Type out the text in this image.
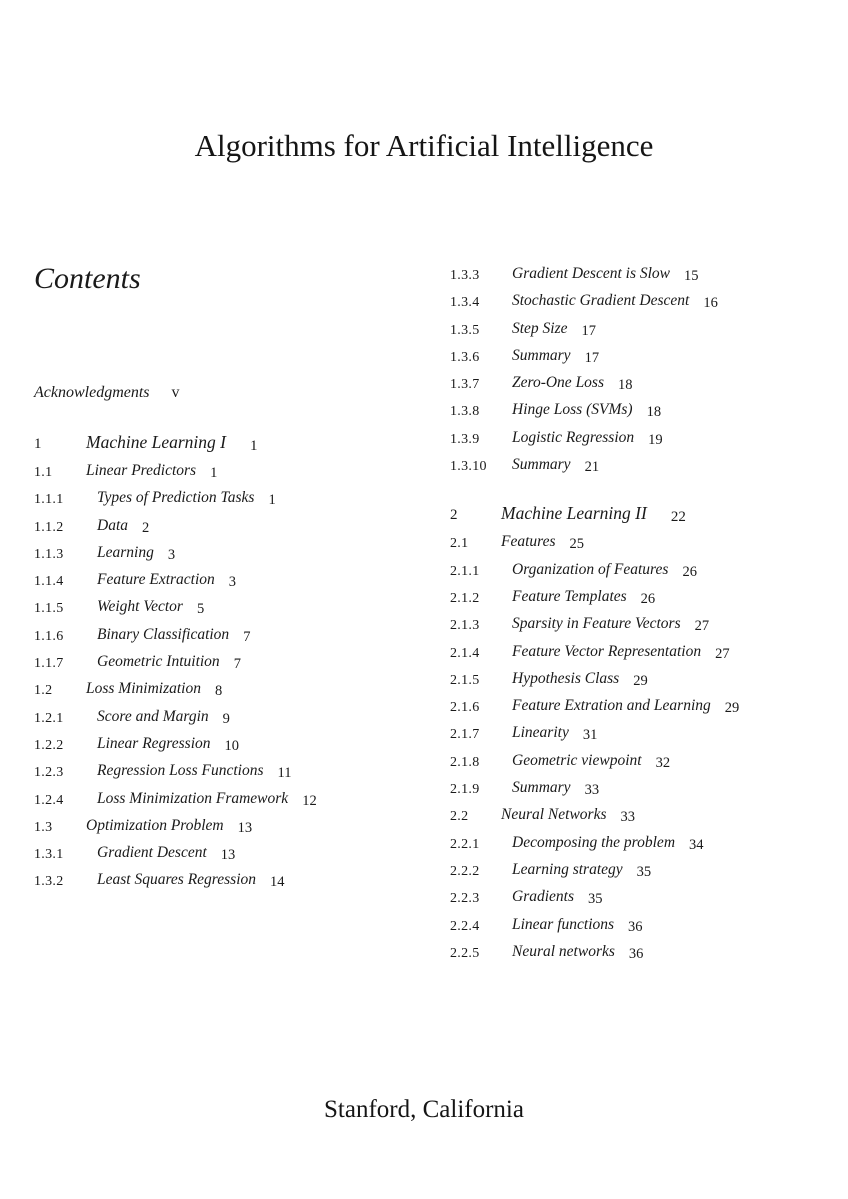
Algorithms for Artificial Intelligence
Contents
Acknowledgments v
1	Machine Learning I 1
1.1 Linear Predictors 1
1.1.1 Types of Prediction Tasks 1
1.1.2 Data 2
1.1.3 Learning 3
1.1.4 Feature Extraction 3
1.1.5 Weight Vector 5
1.1.6 Binary Classification 7
1.1.7 Geometric Intuition 7
1.2 Loss Minimization 8
1.2.1 Score and Margin 9
1.2.2 Linear Regression 10
1.2.3 Regression Loss Functions 11
1.2.4 Loss Minimization Framework 12
1.3 Optimization Problem 13
1.3.1 Gradient Descent 13
1.3.2 Least Squares Regression 14
1.3.3 Gradient Descent is Slow 15
1.3.4 Stochastic Gradient Descent 16
1.3.5 Step Size 17
1.3.6 Summary 17
1.3.7 Zero-One Loss 18
1.3.8 Hinge Loss (SVMs) 18
1.3.9 Logistic Regression 19
1.3.10 Summary 21
2 Machine Learning II 22
2.1 Features 25
2.1.1 Organization of Features 26
2.1.2 Feature Templates 26
2.1.3 Sparsity in Feature Vectors 27
2.1.4 Feature Vector Representation 27
2.1.5 Hypothesis Class 29
2.1.6 Feature Extration and Learning 29
2.1.7 Linearity 31
2.1.8 Geometric viewpoint 32
2.1.9 Summary 33
2.2 Neural Networks 33
2.2.1 Decomposing the problem 34
2.2.2 Learning strategy 35
2.2.3 Gradients 35
2.2.4 Linear functions 36
2.2.5 Neural networks 36
Stanford, California
